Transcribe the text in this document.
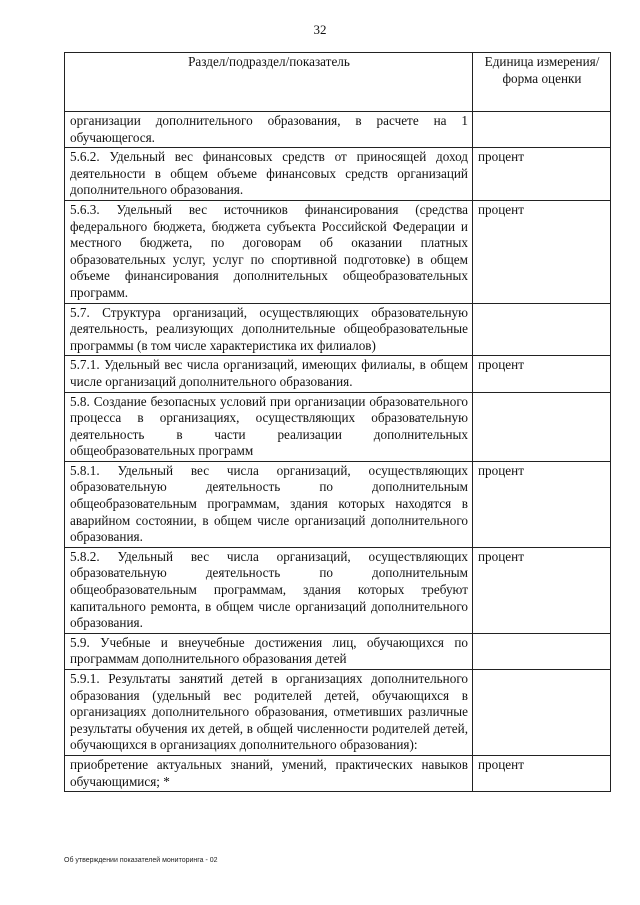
32
Раздел/подраздел/показатель	Единица измерения/ форма оценки
организации дополнительного образования, в расчете на 1 обучающегося.	
5.6.2. Удельный вес финансовых средств от приносящей доход деятельности в общем объеме финансовых средств организаций дополнительного образования.	процент
5.6.3. Удельный вес источников финансирования (средства федерального бюджета, бюджета субъекта Российской Федерации и местного бюджета, по договорам об оказании платных образовательных услуг, услуг по спортивной подготовке) в общем объеме финансирования дополнительных общеобразовательных программ.	процент
5.7. Структура организаций, осуществляющих образовательную деятельность, реализующих дополнительные общеобразовательные программы (в том числе характеристика их филиалов)	
5.7.1. Удельный вес числа организаций, имеющих филиалы, в общем числе организаций дополнительного образования.	процент
5.8. Создание безопасных условий при организации образовательного процесса в организациях, осуществляющих образовательную деятельность в части реализации дополнительных общеобразовательных программ	
5.8.1. Удельный вес числа организаций, осуществляющих образовательную деятельность по дополнительным общеобразовательным программам, здания которых находятся в аварийном состоянии, в общем числе организаций дополнительного образования.	процент
5.8.2. Удельный вес числа организаций, осуществляющих образовательную деятельность по дополнительным общеобразовательным программам, здания которых требуют капитального ремонта, в общем числе организаций дополнительного образования.	процент
5.9. Учебные и внеучебные достижения лиц, обучающихся по программам дополнительного образования детей	
5.9.1. Результаты занятий детей в организациях дополнительного образования (удельный вес родителей детей, обучающихся в организациях дополнительного образования, отметивших различные результаты обучения их детей, в общей численности родителей детей, обучающихся в организациях дополнительного образования):	
приобретение актуальных знаний, умений, практических навыков обучающимися; *	процент
Об утверждении показателей мониторинга - 02
